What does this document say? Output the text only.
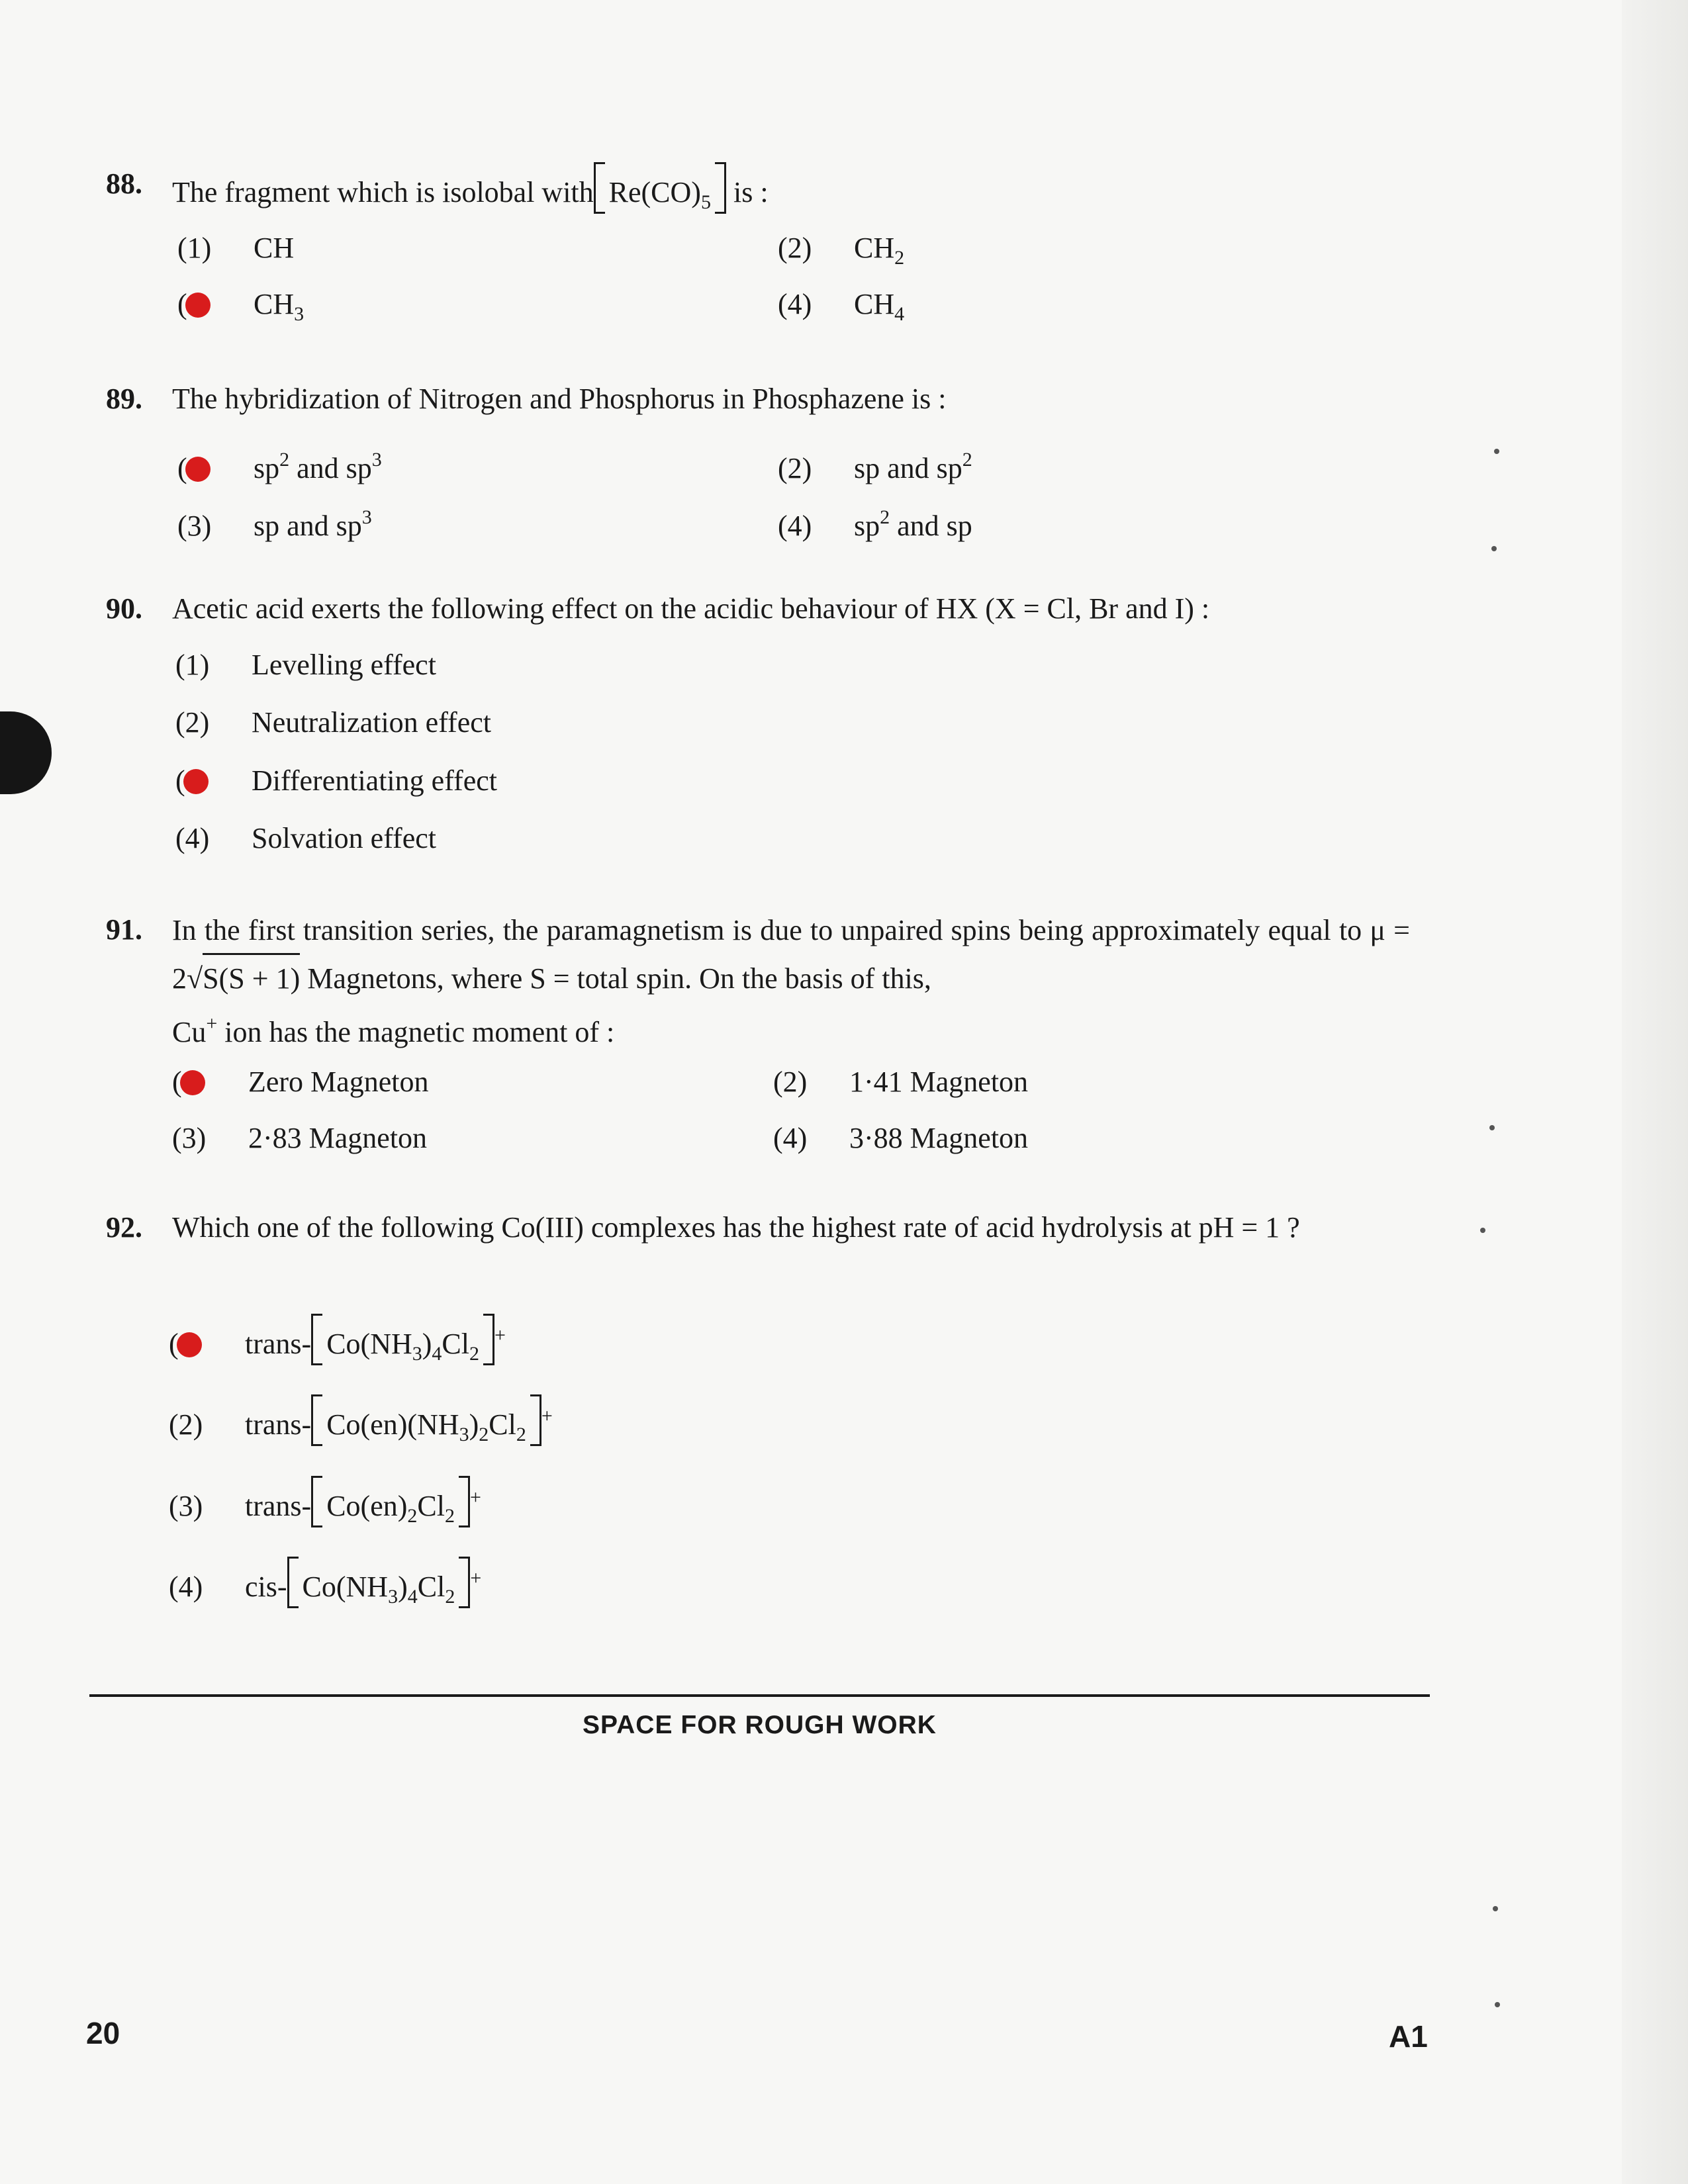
88. The fragment which is isolobal with $Re(CO)_5$ is :
(1) CH	(2) $CH_2$
($CH_3$	(4) $CH_4$
89. The hybridization of Nitrogen and Phosphorus in Phosphazene is :
($sp^2$ and $sp^3$	(2) sp and $sp^2$
(3) sp and $sp^3$	(4) $sp^2$ and sp
90. Acetic acid exerts the following effect on the acidic behaviour of HX (X = Cl, Br and I) :
(1) Levelling effect
(2) Neutralization effect
(Differentiating effect
(4) Solvation effect
91. In the first transition series, the paramagnetism is due to unpaired spins being approximately equal to μ = 2√S(S + 1) Magnetons, where S = total spin. On the basis of this,
Cu+ ion has the magnetic moment of :
(Zero Magneton	(2) 1·41 Magneton
(3) 2·83 Magneton	(4) 3·88 Magneton
92. Which one of the following Co(III) complexes has the highest rate of acid hydrolysis at pH = 1 ?
(trans- $Co(NH_3)_4Cl_2^+$
(2) trans- $Co(en)(NH_3)_2Cl_2^+$
(3) trans- $Co(en)_2Cl_2^+$
(4) cis- $Co(NH_3)_4Cl_2^+$
SPACE FOR ROUGH WORK
20	A1
